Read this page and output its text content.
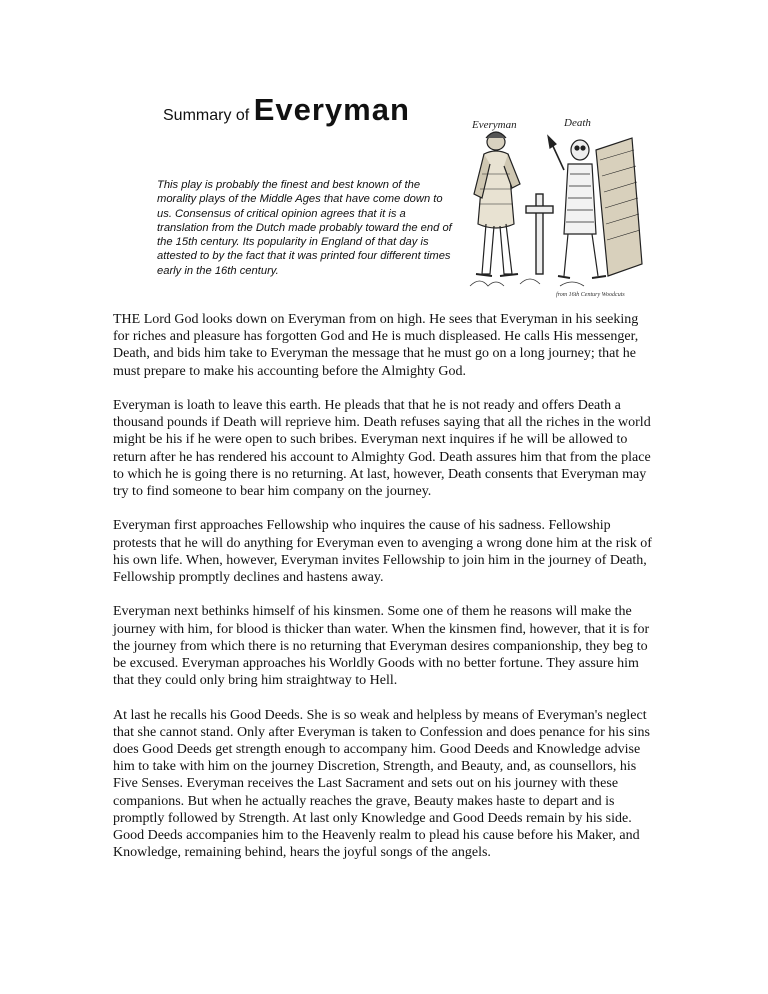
Summary of Everyman
This play is probably the finest and best known of the morality plays of the Middle Ages that have come down to us. Consensus of critical opinion agrees that it is a translation from the Dutch made probably toward the end of the 15th century. Its popularity in England of that day is attested to by the fact that it was printed four different times early in the 16th century.
Everyman	Death
from 16th Century Woodcuts

THE Lord God looks down on Everyman from on high. He sees that Everyman in his seeking for riches and pleasure has forgotten God and He is much displeased. He calls His messenger, Death, and bids him take to Everyman the message that he must go on a long journey; that he must prepare to make his accounting before the Almighty God.

Everyman is loath to leave this earth. He pleads that that he is not ready and offers Death a thousand pounds if Death will reprieve him. Death refuses saying that all the riches in the world might be his if he were open to such bribes. Everyman next inquires if he will be allowed to return after he has rendered his account to Almighty God. Death assures him that from the place to which he is going there is no returning. At last, however, Death consents that Everyman may try to find someone to bear him company on the journey.

Everyman first approaches Fellowship who inquires the cause of his sadness. Fellowship protests that he will do anything for Everyman even to avenging a wrong done him at the risk of his own life. When, however, Everyman invites Fellowship to join him in the journey of Death, Fellowship promptly declines and hastens away.

Everyman next bethinks himself of his kinsmen. Some one of them he reasons will make the journey with him, for blood is thicker than water. When the kinsmen find, however, that it is for the journey from which there is no returning that Everyman desires companionship, they beg to be excused. Everyman approaches his Worldly Goods with no better fortune. They assure him that they could only bring him straightway to Hell.

At last he recalls his Good Deeds. She is so weak and helpless by means of Everyman's neglect that she cannot stand. Only after Everyman is taken to Confession and does penance for his sins does Good Deeds get strength enough to accompany him. Good Deeds and Knowledge advise him to take with him on the journey Discretion, Strength, and Beauty, and, as counsellors, his Five Senses. Everyman receives the Last Sacrament and sets out on his journey with these companions. But when he actually reaches the grave, Beauty makes haste to depart and is promptly followed by Strength. At last only Knowledge and Good Deeds remain by his side. Good Deeds accompanies him to the Heavenly realm to plead his cause before his Maker, and Knowledge, remaining behind, hears the joyful songs of the angels.
